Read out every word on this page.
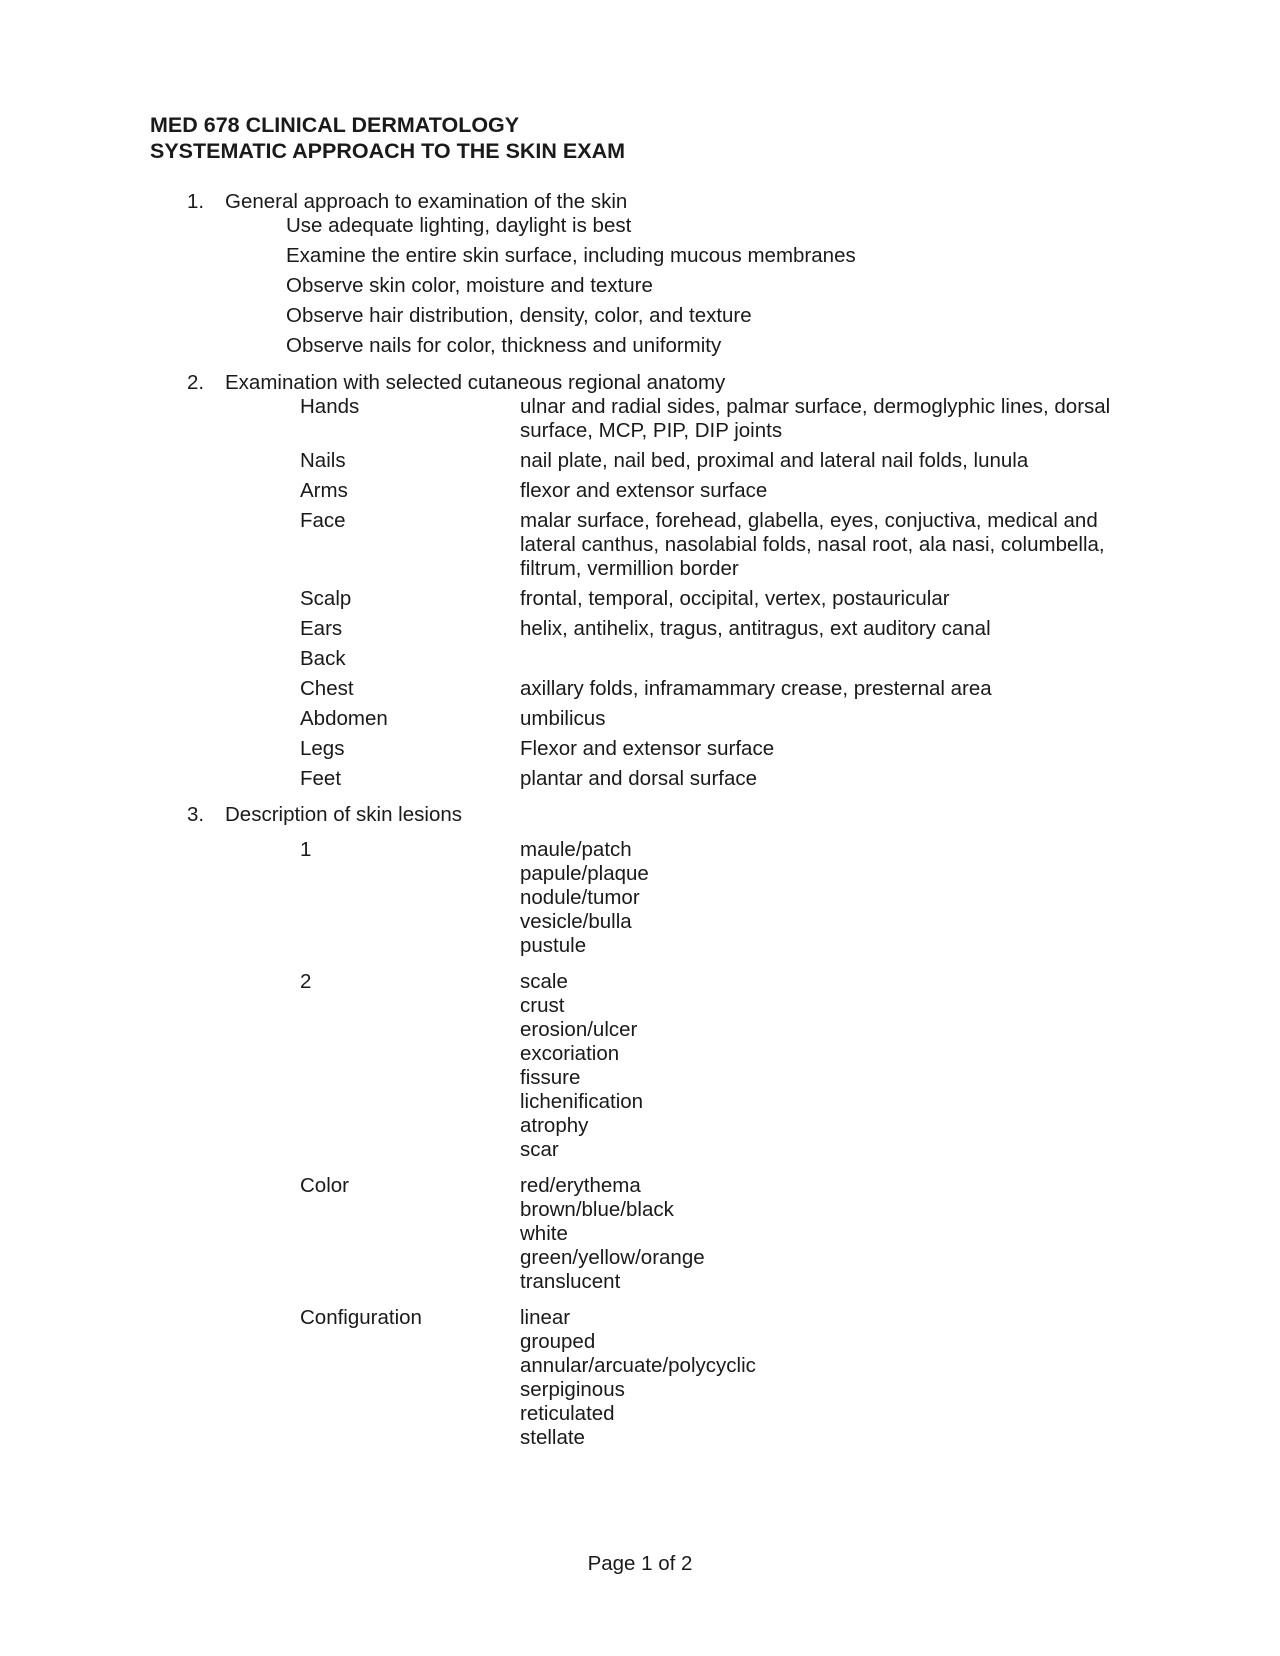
MED 678 CLINICAL DERMATOLOGY
SYSTEMATIC APPROACH TO THE SKIN EXAM
1. General approach to examination of the skin
Use adequate lighting, daylight is best
Examine the entire skin surface, including mucous membranes
Observe skin color, moisture and texture
Observe hair distribution, density, color, and texture
Observe nails for color, thickness and uniformity
2. Examination with selected cutaneous regional anatomy
Hands	ulnar and radial sides, palmar surface, dermoglyphic lines, dorsal surface, MCP, PIP, DIP joints
Nails	nail plate, nail bed, proximal and lateral nail folds, lunula
Arms	flexor and extensor surface
Face	malar surface, forehead, glabella, eyes, conjuctiva, medical and lateral canthus, nasolabial folds, nasal root, ala nasi, columbella, filtrum, vermillion border
Scalp	frontal, temporal, occipital, vertex, postauricular
Ears	helix, antihelix, tragus, antitragus, ext auditory canal
Back
Chest	axillary folds, inframammary crease, presternal area
Abdomen	umbilicus
Legs	Flexor and extensor surface
Feet	plantar and dorsal surface
3. Description of skin lesions
1	maule/patch
papule/plaque
nodule/tumor
vesicle/bulla
pustule
2	scale
crust
erosion/ulcer
excoriation
fissure
lichenification
atrophy
scar
Color	red/erythema
brown/blue/black
white
green/yellow/orange
translucent
Configuration	linear
grouped
annular/arcuate/polycyclic
serpiginous
reticulated
stellate
Page 1 of 2
